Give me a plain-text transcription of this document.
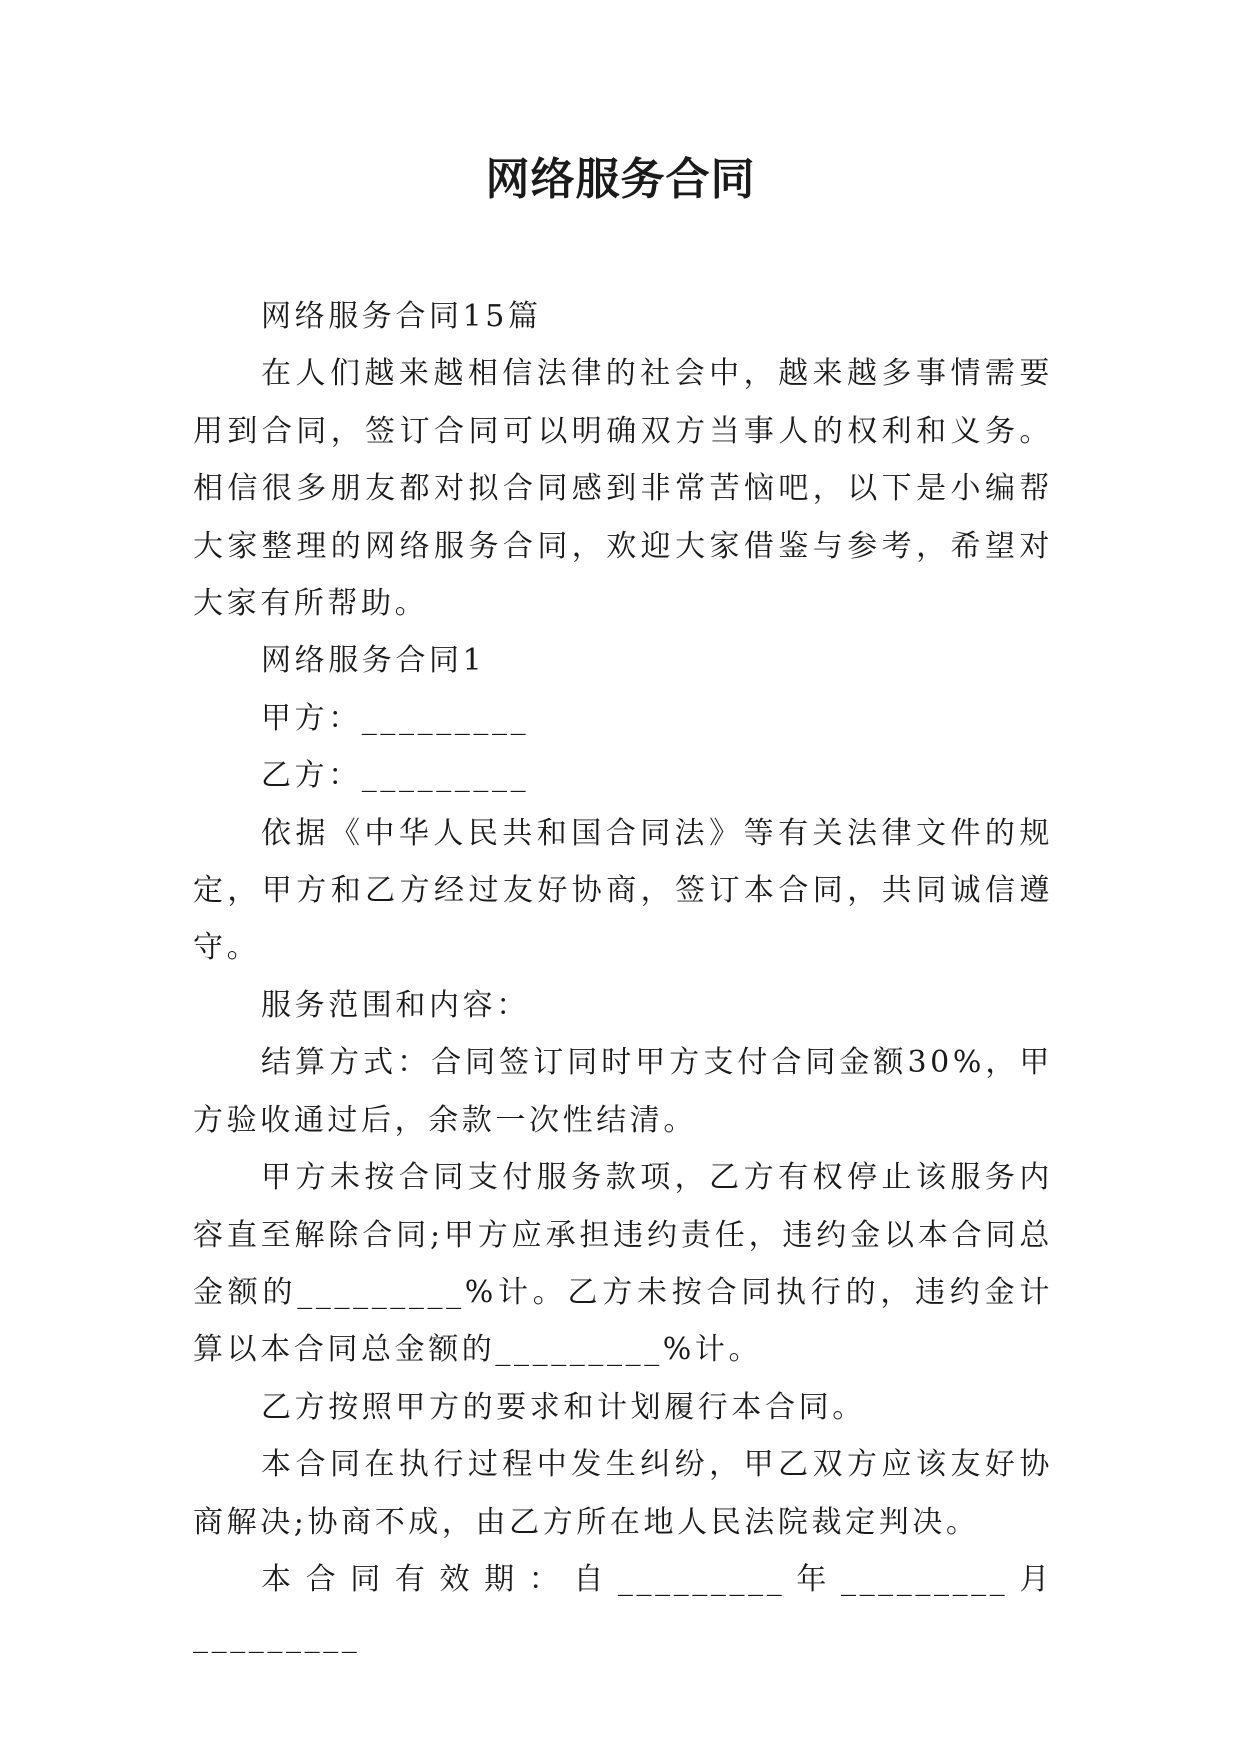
网络服务合同

网络服务合同15篇

在人们越来越相信法律的社会中，越来越多事情需要用到合同，签订合同可以明确双方当事人的权利和义务。相信很多朋友都对拟合同感到非常苦恼吧，以下是小编帮大家整理的网络服务合同，欢迎大家借鉴与参考，希望对大家有所帮助。

网络服务合同1

甲方：_________

乙方：_________

依据《中华人民共和国合同法》等有关法律文件的规定，甲方和乙方经过友好协商，签订本合同，共同诚信遵守。

服务范围和内容：

结算方式：合同签订同时甲方支付合同金额30%，甲方验收通过后，余款一次性结清。

甲方未按合同支付服务款项，乙方有权停止该服务内容直至解除合同;甲方应承担违约责任，违约金以本合同总金额的_________%计。乙方未按合同执行的，违约金计算以本合同总金额的_________%计。

乙方按照甲方的要求和计划履行本合同。

本合同在执行过程中发生纠纷，甲乙双方应该友好协商解决;协商不成，由乙方所在地人民法院裁定判决。

本合同有效期：自_________年_________月_________
